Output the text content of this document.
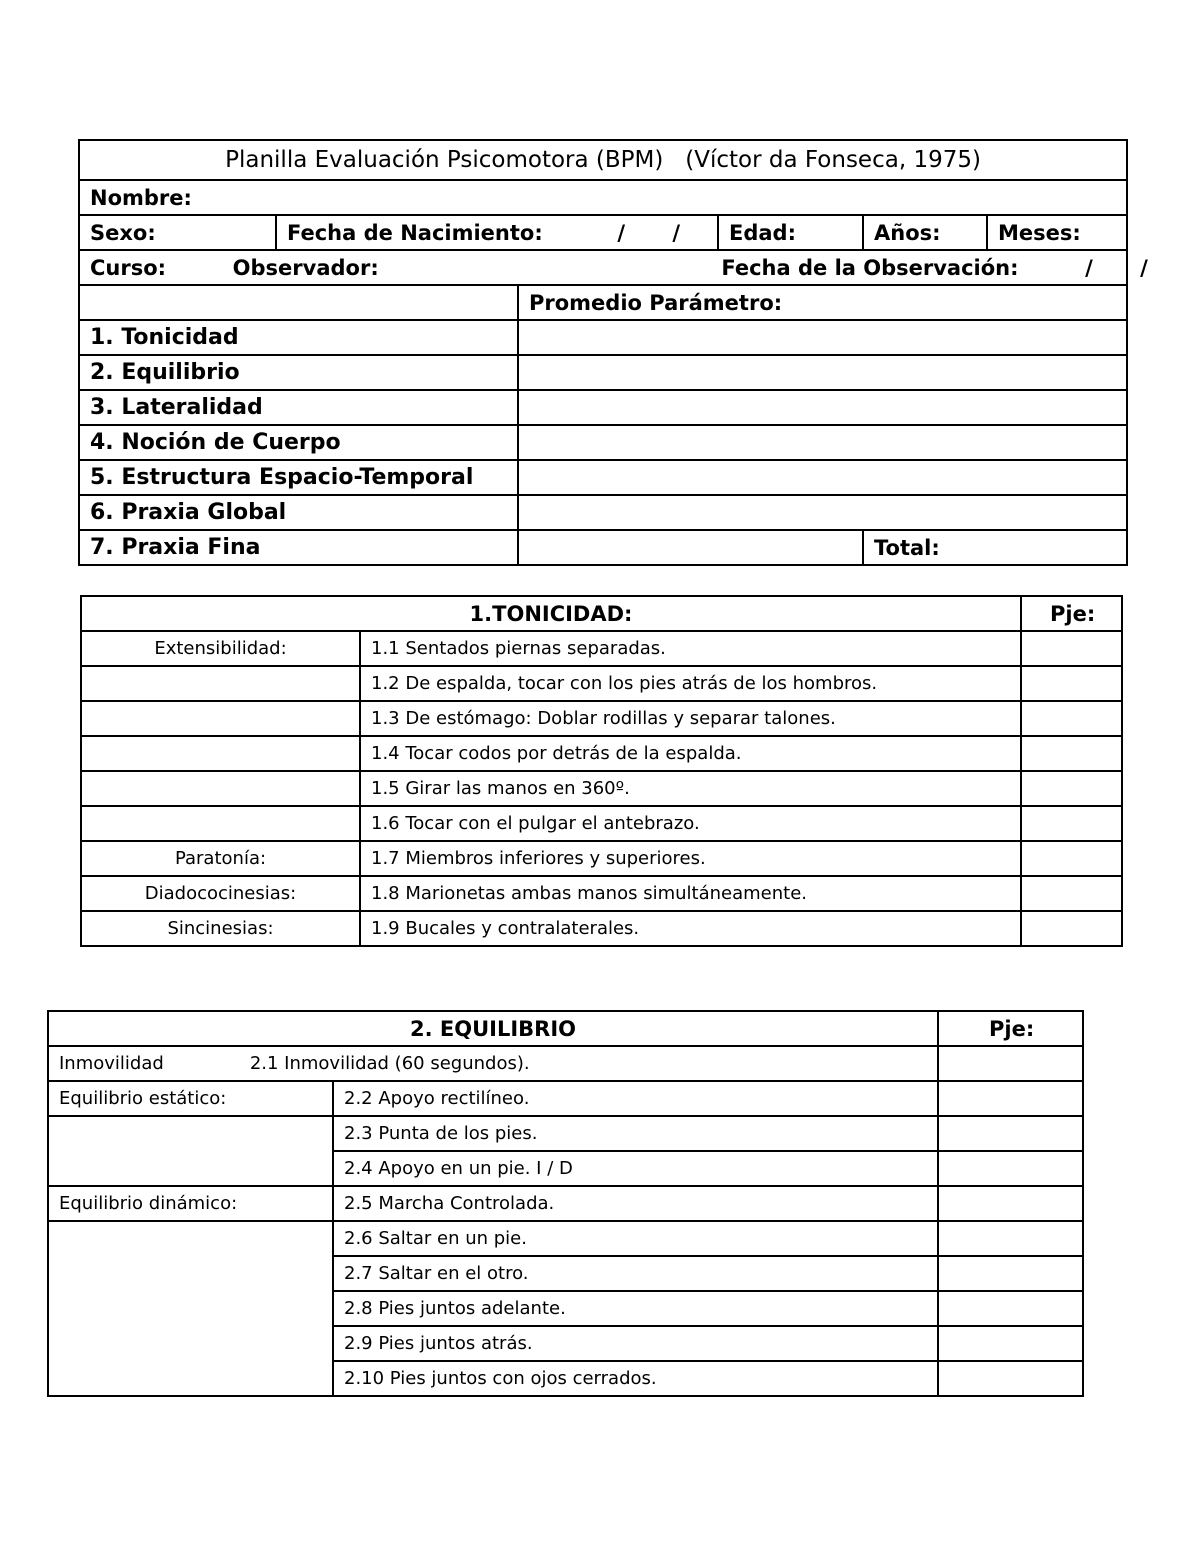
Planilla Evaluación Psicomotora (BPM) (Víctor da Fonseca, 1975)					
Nombre:					
Sexo:	Fecha de Nacimiento: / /		Edad:	Años:	Meses:
Curso: Observador: Fecha de la Observación: / /					
		Promedio Parámetro:			
1. Tonicidad					
2. Equilibrio					
3. Lateralidad					
4. Noción de Cuerpo					
5. Estructura Espacio-Temporal					
6. Praxia Global					
7. Praxia Fina				Total:	
1.TONICIDAD:		Pje:
Extensibilidad:	1.1 Sentados piernas separadas.	
	1.2 De espalda, tocar con los pies atrás de los hombros.	
	1.3 De estómago: Doblar rodillas y separar talones.	
	1.4 Tocar codos por detrás de la espalda.	
	1.5 Girar las manos en 360º.	
	1.6 Tocar con el pulgar el antebrazo.	
Paratonía:	1.7 Miembros inferiores y superiores.	
Diadococinesias:	1.8 Marionetas ambas manos simultáneamente.	
Sincinesias:	1.9 Bucales y contralaterales.	
2. EQUILIBRIO		Pje:
Inmovilidad 2.1 Inmovilidad (60 segundos).		
Equilibrio estático:	2.2 Apoyo rectilíneo.	
	2.3 Punta de los pies.	
	2.4 Apoyo en un pie. I / D	
Equilibrio dinámico:	2.5 Marcha Controlada.	
	2.6 Saltar en un pie.	
	2.7 Saltar en el otro.	
	2.8 Pies juntos adelante.	
	2.9 Pies juntos atrás.	
	2.10 Pies juntos con ojos cerrados.	
